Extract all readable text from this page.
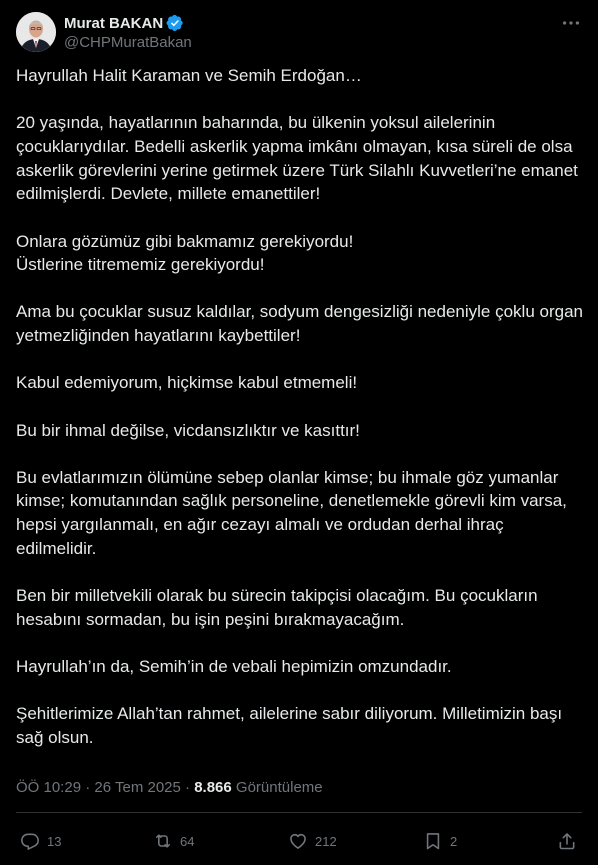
Murat BAKAN
@CHPMuratBakan

Hayrullah Halit Karaman ve Semih Erdoğan…

20 yaşında, hayatlarının baharında, bu ülkenin yoksul ailelerinin çocuklarıydılar. Bedelli askerlik yapma imkânı olmayan, kısa süreli de olsa askerlik görevlerini yerine getirmek üzere Türk Silahlı Kuvvetleri’ne emanet edilmişlerdi. Devlete, millete emanettiler!

Onlara gözümüz gibi bakmamız gerekiyordu!
Üstlerine titrememiz gerekiyordu!

Ama bu çocuklar susuz kaldılar, sodyum dengesizliği nedeniyle çoklu organ yetmezliğinden hayatlarını kaybettiler!

Kabul edemiyorum, hiçkimse kabul etmemeli!

Bu bir ihmal değilse, vicdansızlıktır ve kasıttır!

Bu evlatlarımızın ölümüne sebep olanlar kimse; bu ihmale göz yumanlar kimse; komutanından sağlık personeline, denetlemekle görevli kim varsa, hepsi yargılanmalı, en ağır cezayı almalı ve ordudan derhal ihraç edilmelidir.

Ben bir milletvekili olarak bu sürecin takipçisi olacağım. Bu çocukların hesabını sormadan, bu işin peşini bırakmayacağım.

Hayrullah’ın da, Semih’in de vebali hepimizin omzundadır.

Şehitlerimize Allah’tan rahmet, ailelerine sabır diliyorum. Milletimizin başı sağ olsun.

ÖÖ 10:29 · 26 Tem 2025 · 8.866 Görüntüleme
13	64	212	2
